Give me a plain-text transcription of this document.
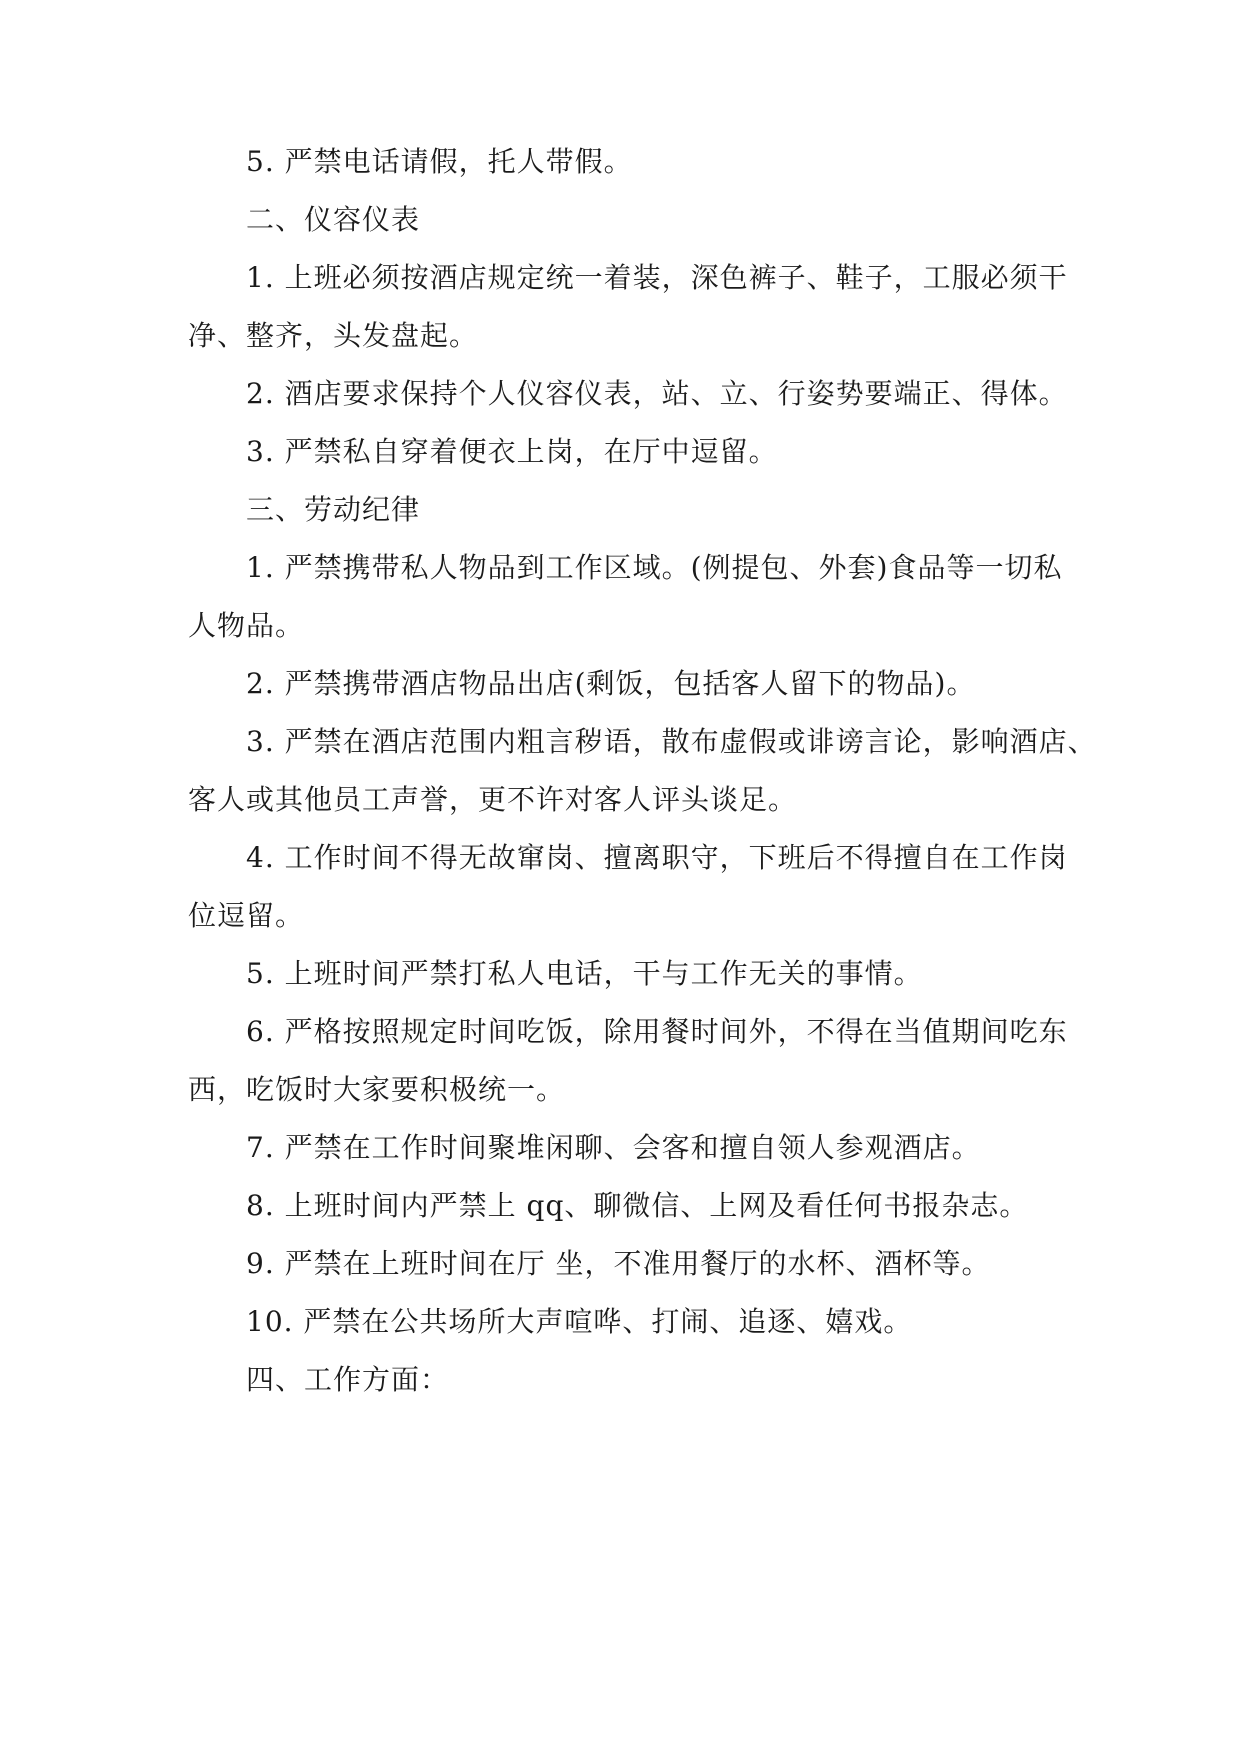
5. 严禁电话请假，托人带假。
二、仪容仪表
1. 上班必须按酒店规定统一着装，深色裤子、鞋子，工服必须干
净、整齐，头发盘起。
2. 酒店要求保持个人仪容仪表，站、立、行姿势要端正、得体。
3. 严禁私自穿着便衣上岗，在厅中逗留。
三、劳动纪律
1. 严禁携带私人物品到工作区域。(例提包、外套)食品等一切私
人物品。
2. 严禁携带酒店物品出店(剩饭，包括客人留下的物品)。
3. 严禁在酒店范围内粗言秽语，散布虚假或诽谤言论，影响酒店、
客人或其他员工声誉，更不许对客人评头谈足。
4. 工作时间不得无故窜岗、擅离职守，下班后不得擅自在工作岗
位逗留。
5. 上班时间严禁打私人电话，干与工作无关的事情。
6. 严格按照规定时间吃饭，除用餐时间外，不得在当值期间吃东
西，吃饭时大家要积极统一。
7. 严禁在工作时间聚堆闲聊、会客和擅自领人参观酒店。
8. 上班时间内严禁上 qq、聊微信、上网及看任何书报杂志。
9. 严禁在上班时间在厅 坐，不准用餐厅的水杯、酒杯等。
10. 严禁在公共场所大声喧哗、打闹、追逐、嬉戏。
四、工作方面：
